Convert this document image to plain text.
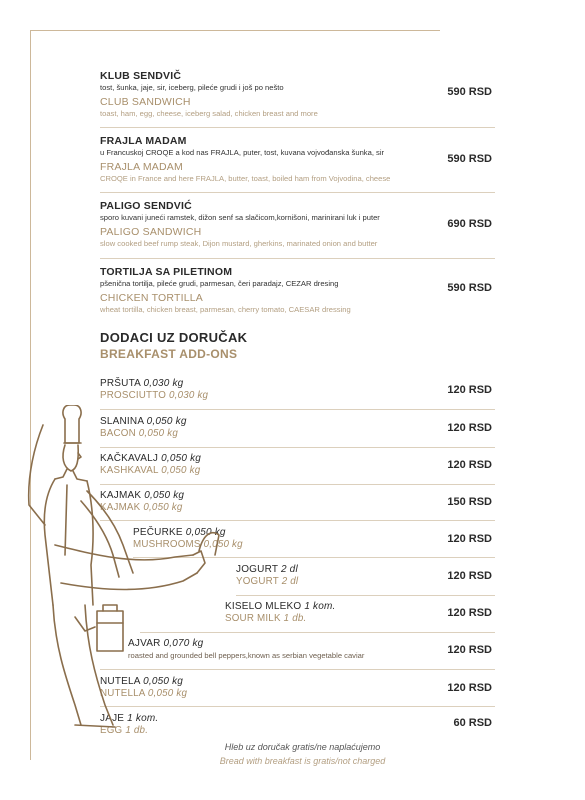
KLUB SENDVIČ
tost, šunka, jaje, sir, iceberg, pileće grudi i još po nešto
CLUB SANDWICH
toast, ham, egg, cheese, iceberg salad, chicken breast and more
590 RSD
FRAJLA MADAM
u Francuskoj CROQE a kod nas FRAJLA, puter, tost, kuvana vojvođanska šunka, sir
FRAJLA MADAM
CROQE in France and here FRAJLA, butter, toast, boiled ham from Vojvodina, cheese
590 RSD
PALIGO SENDVIĆ
sporo kuvani juneći ramstek, dižon senf sa slačicom,kornišoni, marinirani luk i puter
PALIGO SANDWICH
slow cooked beef rump steak, Dijon mustard, gherkins, marinated onion and butter
690 RSD
TORTILJA SA PILETINOM
pšenična tortilja, pileće grudi, parmesan, čeri paradajz, CEZAR dresing
CHICKEN TORTILLA
wheat tortilla, chicken breast, parmesan, cherry tomato, CAESAR dressing
590 RSD
DODACI UZ DORUČAK
BREAKFAST ADD-ONS
PRŠUTA 0,030 kg
PROSCIUTTO 0,030 kg	120 RSD
SLANINA 0,050 kg
BACON 0,050 kg	120 RSD
KAČKAVALJ 0,050 kg
KASHKAVAL 0,050 kg	120 RSD
KAJMAK 0,050 kg
KAJMAK 0,050 kg	150 RSD
PEČURKE 0,050 kg
MUSHROOMS 0,050 kg	120 RSD
JOGURT 2 dl
YOGURT 2 dl	120 RSD
KISELO MLEKO 1 kom.
SOUR MILK 1 db.	120 RSD
AJVAR 0,070 kg
roasted and grounded bell peppers,known as serbian vegetable caviar	120 RSD
NUTELA 0,050 kg
NUTELLA 0,050 kg	120 RSD
JAJE 1 kom.
EGG 1 db.
60 RSD
Hleb uz doručak gratis/ne naplaćujemo
Bread with breakfast is gratis/not charged
